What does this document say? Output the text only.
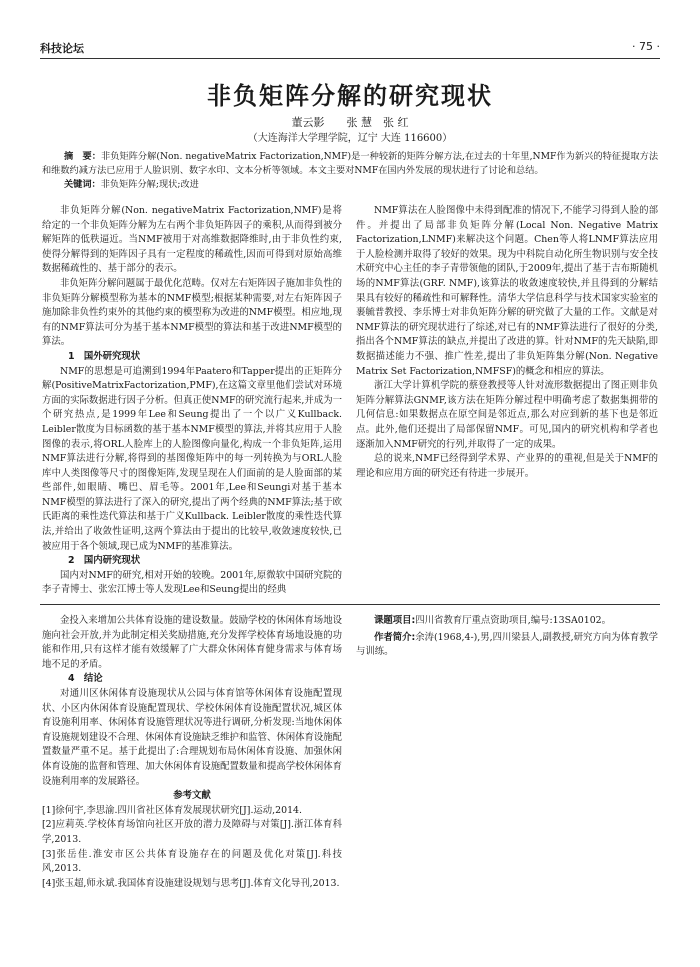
科技论坛	· 75 ·
非负矩阵分解的研究现状
董云影　　张 慧　张 红
（大连海洋大学理学院，辽宁 大连 116600）

摘　要：非负矩阵分解(Non. negativeMatrix Factorization,NMF)是一种较新的矩阵分解方法,在过去的十年里,NMF作为新兴的特征提取方法和维数约减方法已应用于人脸识别、数字水印、文本分析等领域。本文主要对NMF在国内外发展的现状进行了讨论和总结。

关键词：非负矩阵分解;现状;改进

非负矩阵分解(Non. negativeMatrix Factorization,NMF)是将给定的一个非负矩阵分解为左右两个非负矩阵因子的乘积,从而得到被分解矩阵的低秩逼近。当NMF被用于对高维数据降维时,由于非负性约束,使得分解得到的矩阵因子具有一定程度的稀疏性,因而可得到对原始高维数据稀疏性的、基于部分的表示。

非负矩阵分解问题属于最优化范畴。仅对左右矩阵因子施加非负性的非负矩阵分解模型称为基本的NMF模型;根据某种需要,对左右矩阵因子施加除非负性约束外的其他约束的模型称为改进的NMF模型。相应地,现有的NMF算法可分为基于基本NMF模型的算法和基于改进NMF模型的算法。

1　国外研究现状

NMF的思想是可追溯到1994年Paatero和Tapper提出的正矩阵分解(PositiveMatrixFactorization,PMF),在这篇文章里他们尝试对环境方面的实际数据进行因子分析。但真正使NMF的研究流行起来,并成为一个研究热点,是1999年Lee和Seung提出了一个以广义Kullback. Leibler散度为目标函数的基于基本NMF模型的算法,并将其应用于人脸图像的表示,将ORL人脸库上的人脸图像向量化,构成一个非负矩阵,运用NMF算法进行分解,将得到的基图像矩阵中的每一列转换为与ORL人脸库中人类图像等尺寸的图像矩阵,发现呈现在人们面前的是人脸面部的某些部件,如眼睛、嘴巴、眉毛等。2001年,Lee和Seungi对基于基本NMF模型的算法进行了深入的研究,提出了两个经典的NMF算法;基于欧氏距离的乘性迭代算法和基于广义Kullback. Leibler散度的乘性迭代算法,并给出了收敛性证明,这两个算法由于提出的比较早,收敛速度较快,已被应用于各个领域,现已成为NMF的基准算法。

2　国内研究现状

国内对NMF的研究,相对开始的较晚。2001年,原微软中国研究院的李子青博士、张宏江博士等人发现Lee和Seung提出的经典

NMF算法在人脸图像中未得到配准的情况下,不能学习得到人脸的部件。并提出了局部非负矩阵分解(Local Non. Negative Matrix Factorization,LNMF)来解决这个问题。Chen等人将LNMF算法应用于人脸检测并取得了较好的效果。现为中科院自动化所生物识别与安全技术研究中心主任的李子青带领他的团队,于2009年,提出了基于吉布斯随机场的NMF算法(GRF. NMF),该算法的收敛速度较快,并且得到的分解结果具有较好的稀疏性和可解释性。清华大学信息科学与技术国家实验室的裹毓普教授、李乐博士对非负矩阵分解的研究做了大量的工作。文献是对NMF算法的研究现状进行了综述,对已有的NMF算法进行了很好的分类,指出各个NMF算法的缺点,并提出了改进的算。针对NMF的先天缺陷,即数据描述能力不强、推广性差,提出了非负矩阵集分解(Non. Negative Matrix Set Factorization,NMFSF)的概念和相应的算法。

浙江大学计算机学院的蔡登教授等人针对流形数据提出了图正则非负矩阵分解算法GNMF,该方法在矩阵分解过程中明确考虑了数据集拥带的几何信息:如果数据点在原空间是邻近点,那么对应到新的基下也是邻近点。此外,他们还提出了局部保留NMF。可见,国内的研究机构和学者也逐渐加入NMF研究的行列,并取得了一定的成果。

总的说来,NMF已经得到学术界、产业界的的重视,但是关于NMF的理论和应用方面的研究还有待进一步展开。

金投入来增加公共体育设施的建设数量。鼓励学校的休闲体育场地设施向社会开放,并为此制定相关奖励措施,充分发挥学校体育场地设施的功能和作用,只有这样才能有效缓解了广大群众休闲体育健身需求与体育场地不足的矛盾。

4　结论

对通川区休闲体育设施现状从公园与体育馆等休闲体育设施配置现状、小区内休闲体育设施配置现状、学校休闲体育设施配置状况,城区体育设施利用率、休闲体育设施管理状况等进行调研,分析发现:当地休闲体育设施规划建设不合理、休闲体育设施缺乏维护和监管、休闲体育设施配置数量严重不足。基于此提出了:合理规划布局休闲体育设施、加强休闲体育设施的监督和管理、加大休闲体育设施配置数量和提高学校休闲体育设施利用率的发展路径。

参考文献

[1]徐何宇,李思渝.四川省社区体育发展现状研究[J].运动,2014.

[2]应莉英.学校体育场馆向社区开放的潜力及障碍与对策[J].浙江体育科学,2013.

[3]张岳佳.淮安市区公共体育设施存在的问题及优化对策[J].科技风,2013.

[4]张玉超,师永斌.我国体育设施建设规划与思考[J].体育文化导刊,2013.

课题项目:四川省教育厅重点资助项目,编号:13SA0102。

作者简介:余涛(1968,4-),男,四川梁县人,副教授,研究方向为体育教学与训练。
